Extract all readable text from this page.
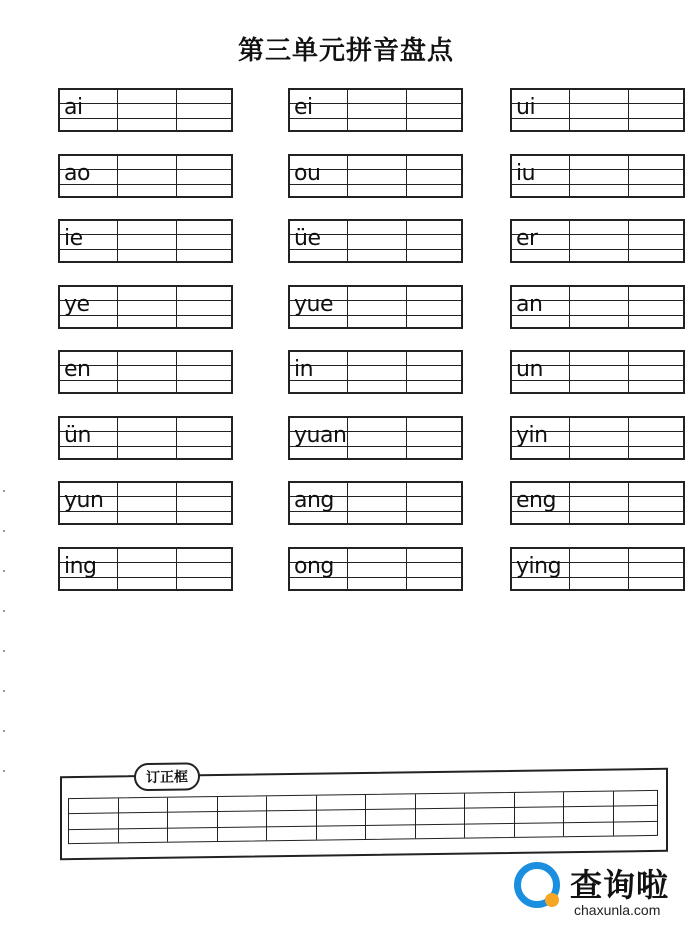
第三单元拼音盘点
ai	ei	ui
ao	ou	iu
ie	üe	er
ye	yue	an
en	in	un
ün	yuan	yin
yun	ang	eng
ing	ong	ying
订正框
查询啦
chaxunla.com
